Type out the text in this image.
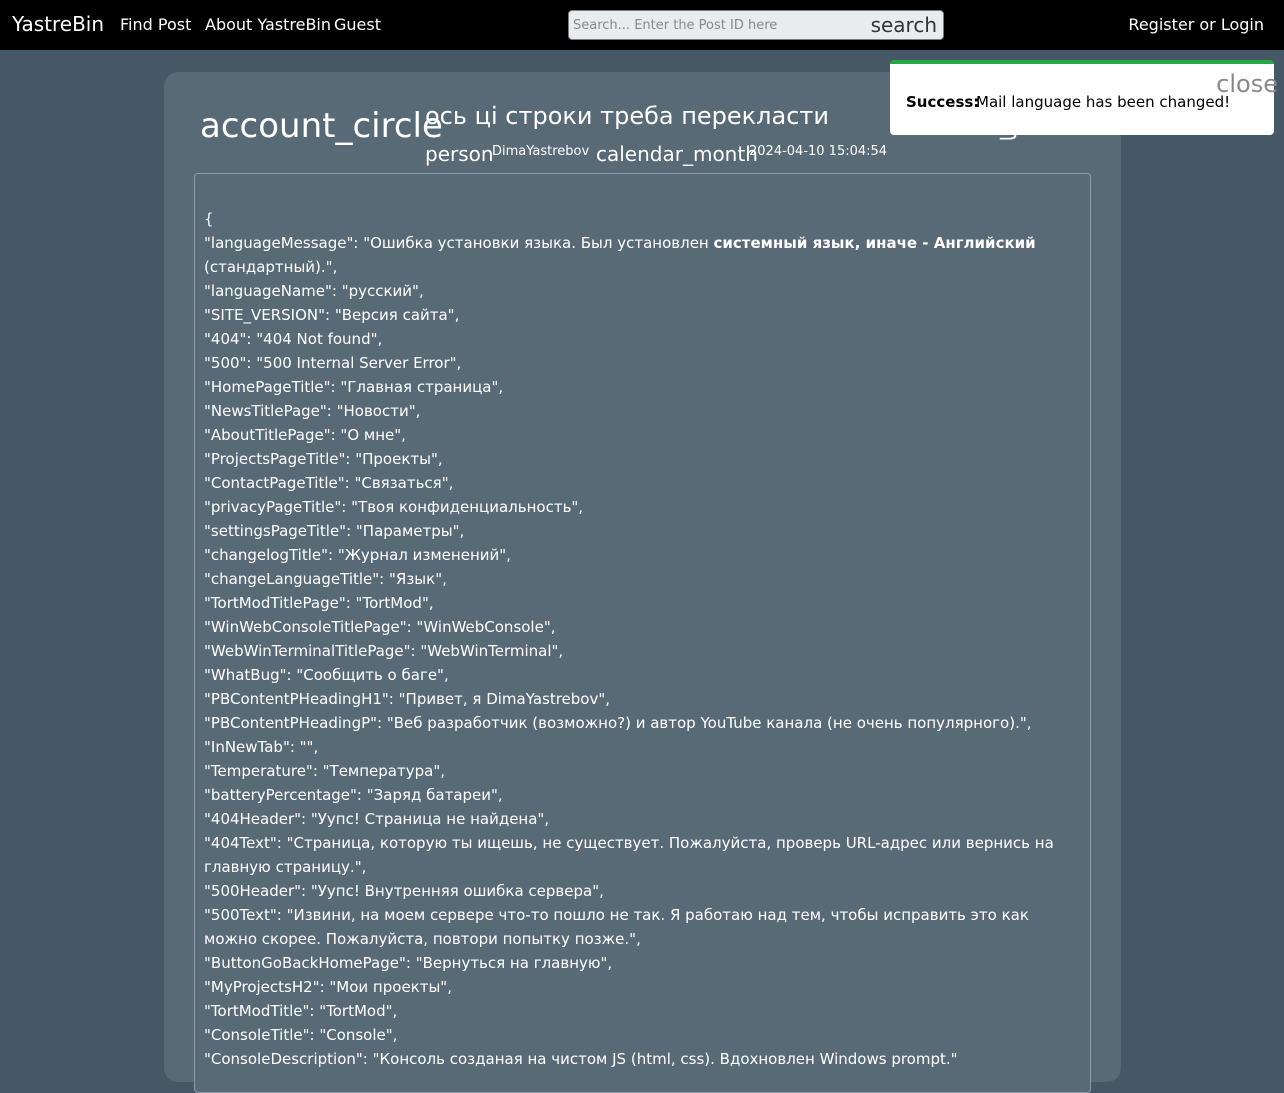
YastreBin Find Post About YastreBin Guest
Search... Enter the Post ID here	search	Register or Login
account_circle
ось ці строки треба перекласти
person
DimaYastrebov calendar_month
2024-04-10 15:04:54
{
"languageMessage": "Ошибка установки языка. Был установлен системный язык, иначе - Английский
(стандартный).",
"languageName": "русский",
"SITE_VERSION": "Версия сайта",
"404": "404 Not found",
"500": "500 Internal Server Error",
"HomePageTitle": "Главная страница",
"NewsTitlePage": "Новости",
"AboutTitlePage": "О мне",
"ProjectsPageTitle": "Проекты",
"ContactPageTitle": "Связаться",
"privacyPageTitle": "Твоя конфиденциальность",
"settingsPageTitle": "Параметры",
"changelogTitle": "Журнал изменений",
"changeLanguageTitle": "Язык",
"TortModTitlePage": "TortMod",
"WinWebConsoleTitlePage": "WinWebConsole",
"WebWinTerminalTitlePage": "WebWinTerminal",
"WhatBug": "Сообщить о баге",
"PBContentPHeadingH1": "Привет, я DimaYastrebov",
"PBContentPHeadingP": "Веб разработчик (возможно?) и автор YouTube канала (не очень популярного).",
"InNewTab": "",
"Temperature": "Температура",
"batteryPercentage": "Заряд батареи",
"404Header": "Уупс! Страница не найдена",
"404Text": "Страница, которую ты ищешь, не существует. Пожалуйста, проверь URL-адрес или вернись на главную страницу.",
"500Header": "Уупс! Внутренняя ошибка сервера",
"500Text": "Извини, на моем сервере что-то пошло не так. Я работаю над тем, чтобы исправить это как можно скорее. Пожалуйста, повтори попытку позже.",
"ButtonGoBackHomePage": "Вернуться на главную",
"MyProjectsH2": "Мои проекты",
"TortModTitle": "TortMod",
"ConsoleTitle": "Console",
"ConsoleDescription": "Консоль созданая на чистом JS (html, css). Вдохновлен Windows prompt."
Success:
Mail language has been changed!
close
